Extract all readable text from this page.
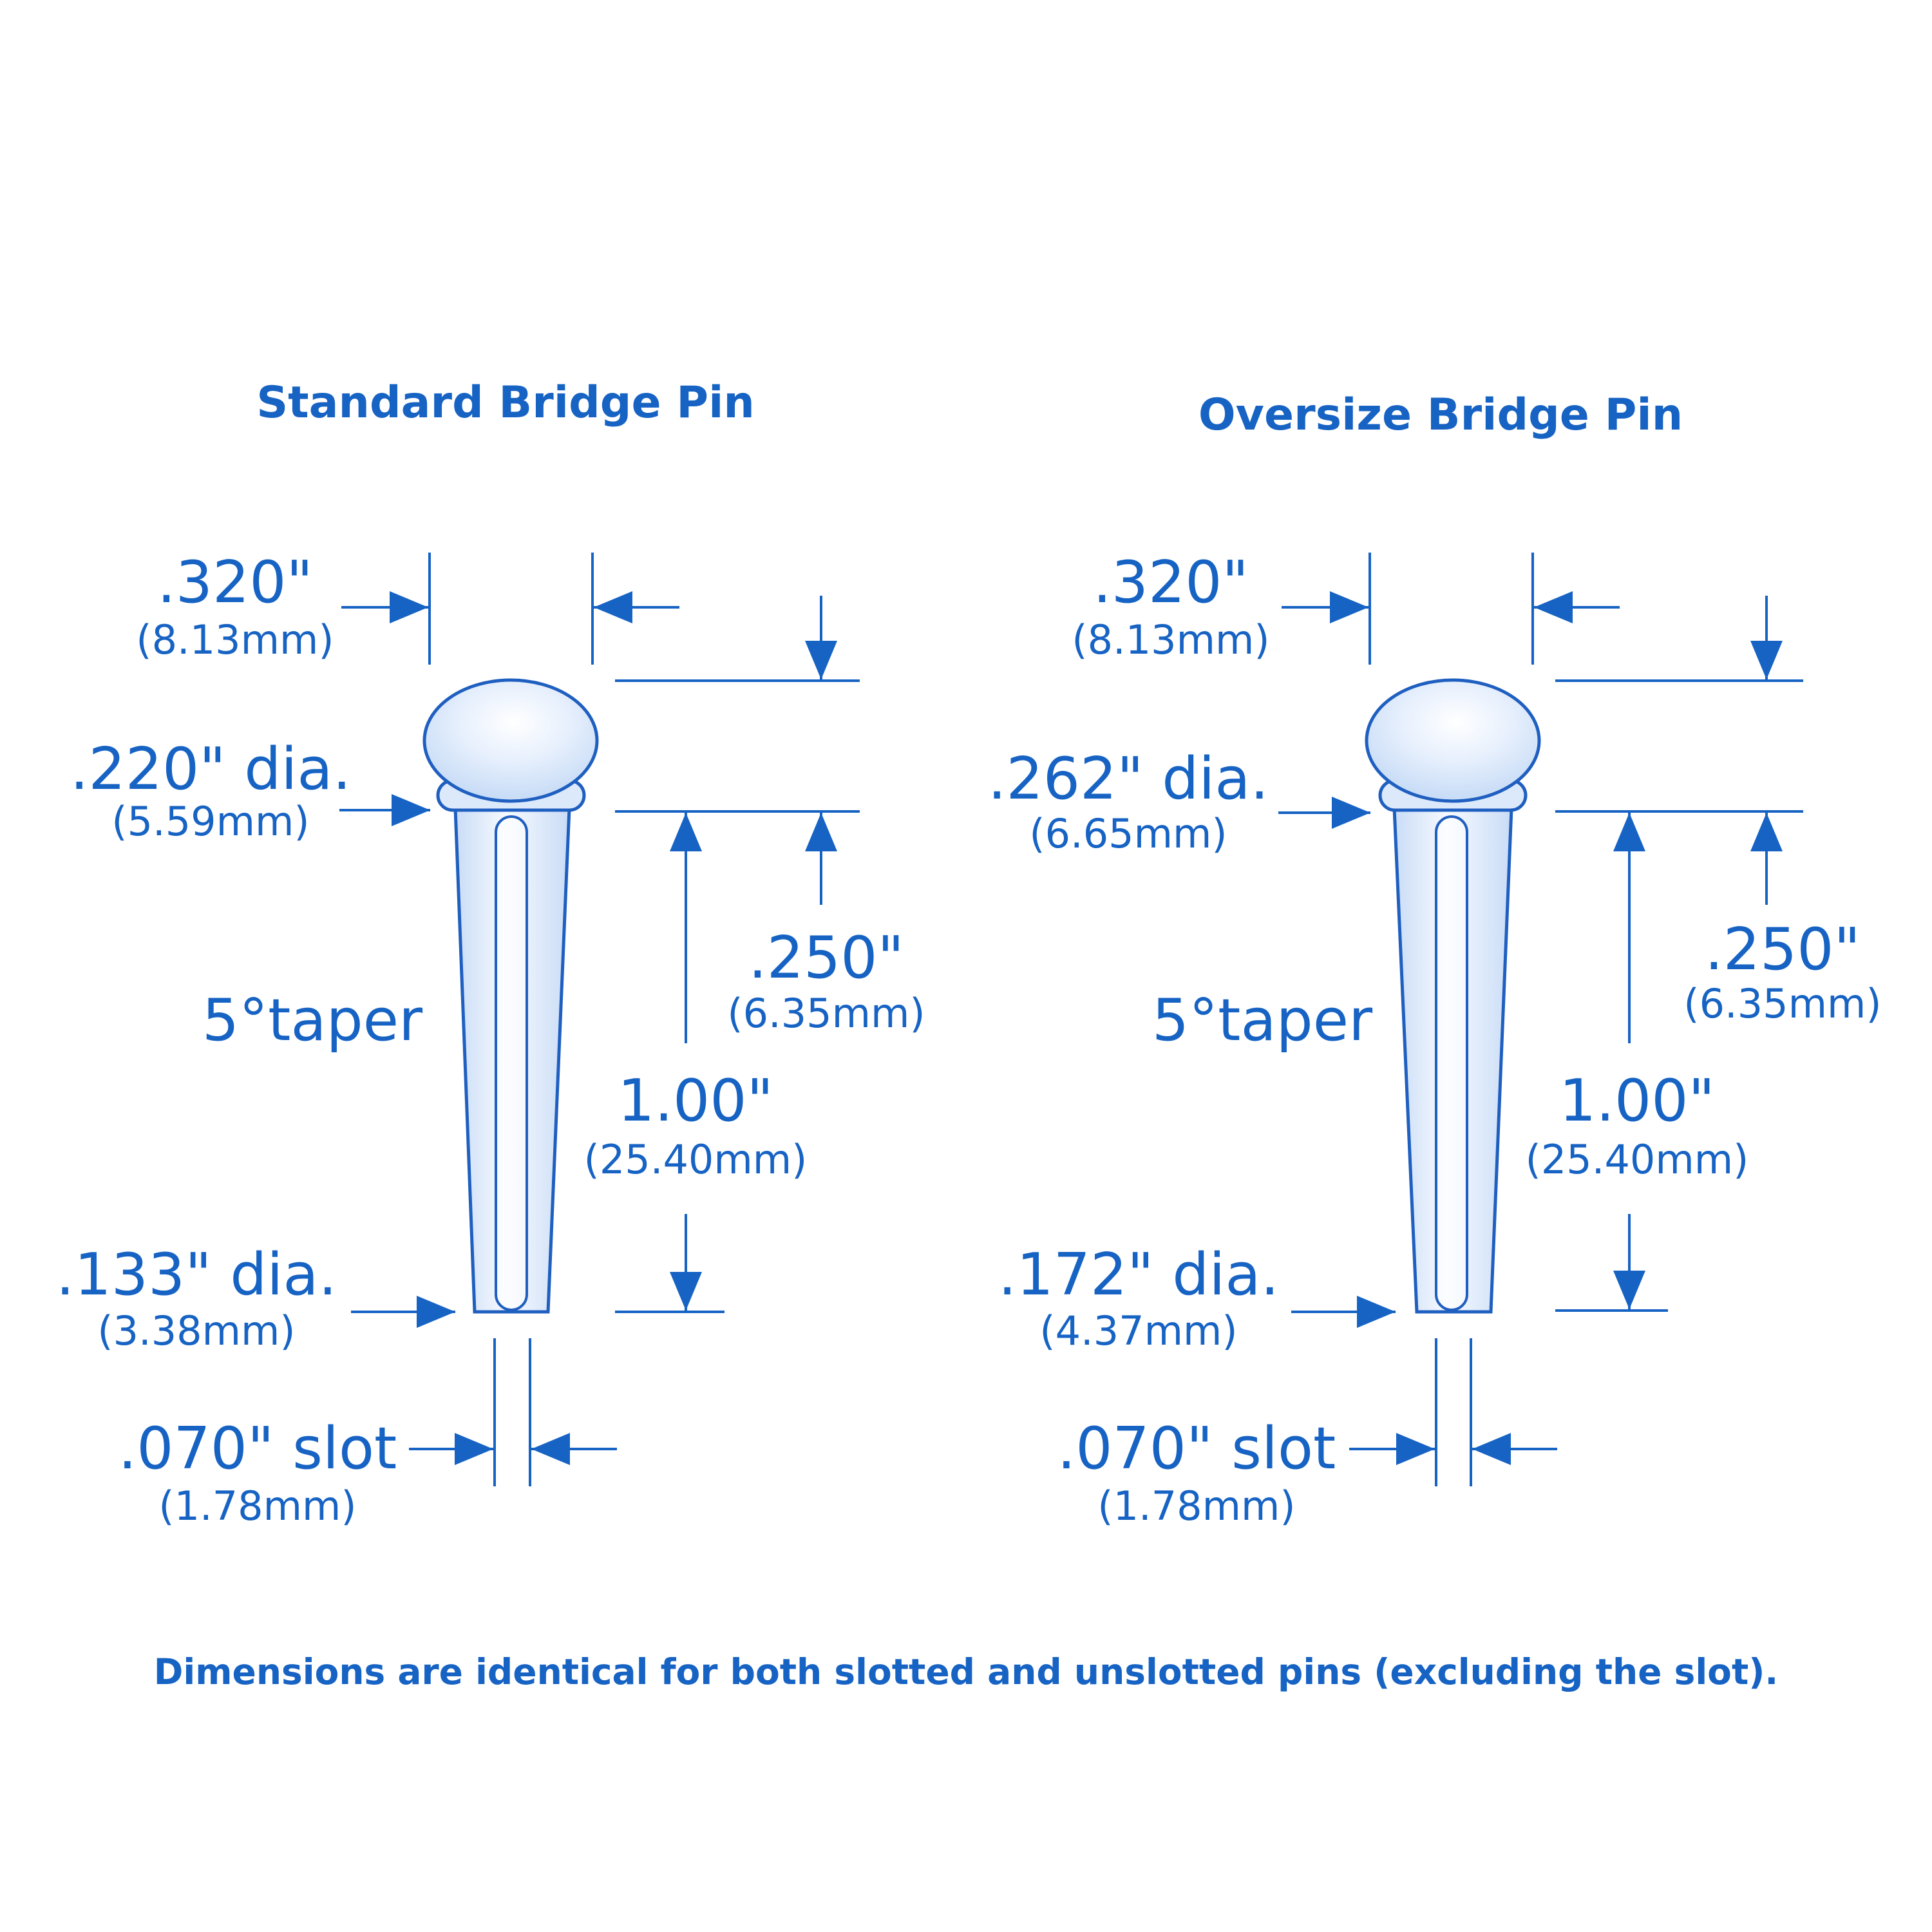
Standard Bridge Pin
.320"
(8.13mm)
.220" dia.
(5.59mm)
.250"
(6.35mm)
5°taper
1.00"
(25.40mm)
.133" dia.
(3.38mm)
.070" slot
(1.78mm)
Oversize Bridge Pin
.320"
(8.13mm)
.262" dia.
(6.65mm)
.250"
(6.35mm)
5°taper
1.00"
(25.40mm)
.172" dia.
(4.37mm)
.070" slot
(1.78mm)
Dimensions are identical for both slotted and unslotted pins (excluding the slot).
